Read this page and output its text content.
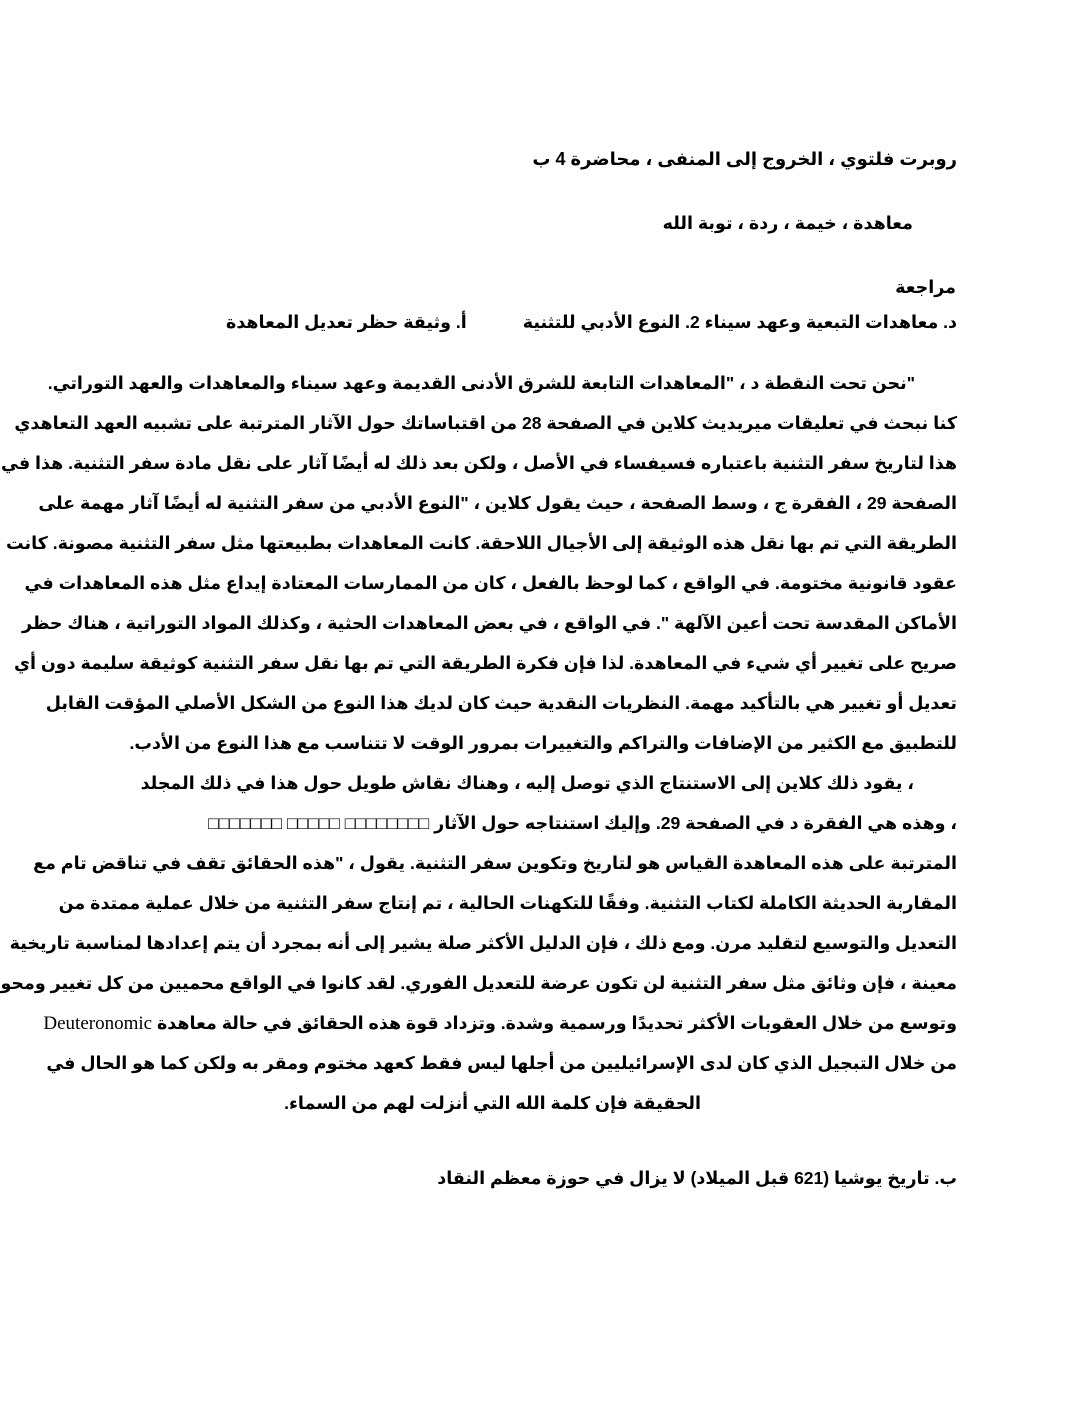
روبرت فلتوي ، الخروج إلى المنفى ، محاضرة 4 ب
معاهدة ، خيمة ، ردة ، توبة الله
مراجعة
د. معاهدات التبعية وعهد سيناء 2. النوع الأدبي للتثنية
أ. وثيقة حظر تعديل المعاهدة
"نحن تحت النقطة د ، "المعاهدات التابعة للشرق الأدنى القديمة وعهد سيناء والمعاهدات والعهد التوراتي.
كنا نبحث في تعليقات ميريديث كلاين في الصفحة 28 من اقتباساتك حول الآثار المترتبة على تشبيه العهد التعاهدي
هذا لتاريخ سفر التثنية باعتباره فسيفساء في الأصل ، ولكن بعد ذلك له أيضًا آثار على نقل مادة سفر التثنية. هذا في
الصفحة 29 ، الفقرة ج ، وسط الصفحة ، حيث يقول كلاين ، "النوع الأدبي من سفر التثنية له أيضًا آثار مهمة على
الطريقة التي تم بها نقل هذه الوثيقة إلى الأجيال اللاحقة. كانت المعاهدات بطبيعتها مثل سفر التثنية مصونة. كانت
عقود قانونية مختومة. في الواقع ، كما لوحظ بالفعل ، كان من الممارسات المعتادة إيداع مثل هذه المعاهدات في
الأماكن المقدسة تحت أعين الآلهة ". في الواقع ، في بعض المعاهدات الحثية ، وكذلك المواد التوراتية ، هناك حظر
صريح على تغيير أي شيء في المعاهدة. لذا فإن فكرة الطريقة التي تم بها نقل سفر التثنية كوثيقة سليمة دون أي
تعديل أو تغيير هي بالتأكيد مهمة. النظريات النقدية حيث كان لديك هذا النوع من الشكل الأصلي المؤقت القابل
للتطبيق مع الكثير من الإضافات والتراكم والتغييرات بمرور الوقت لا تتناسب مع هذا النوع من الأدب.
، يقود ذلك كلاين إلى الاستنتاج الذي توصل إليه ، وهناك نقاش طويل حول هذا في ذلك المجلد
، وهذه هي الفقرة د في الصفحة 29. وإليك استنتاجه حول الآثار □□□□□□□□ □□□□□ □□□□□□□
المترتبة على هذه المعاهدة القياس هو لتاريخ وتكوين سفر التثنية. يقول ، "هذه الحقائق تقف في تناقض تام مع
المقاربة الحديثة الكاملة لكتاب التثنية. وفقًا للتكهنات الحالية ، تم إنتاج سفر التثنية من خلال عملية ممتدة من
التعديل والتوسيع لتقليد مرن. ومع ذلك ، فإن الدليل الأكثر صلة يشير إلى أنه بمجرد أن يتم إعدادها لمناسبة تاريخية
معينة ، فإن وثائق مثل سفر التثنية لن تكون عرضة للتعديل الفوري. لقد كانوا في الواقع محميين من كل تغيير ومحو
وتوسع من خلال العقوبات الأكثر تحديدًا ورسمية وشدة. وتزداد قوة هذه الحقائق في حالة معاهدة Deuteronomic
من خلال التبجيل الذي كان لدى الإسرائيليين من أجلها ليس فقط كعهد مختوم ومقر به ولكن كما هو الحال في
الحقيقة فإن كلمة الله التي أنزلت لهم من السماء.
ب. تاريخ يوشيا (621 قبل الميلاد) لا يزال في حوزة معظم النقاد
